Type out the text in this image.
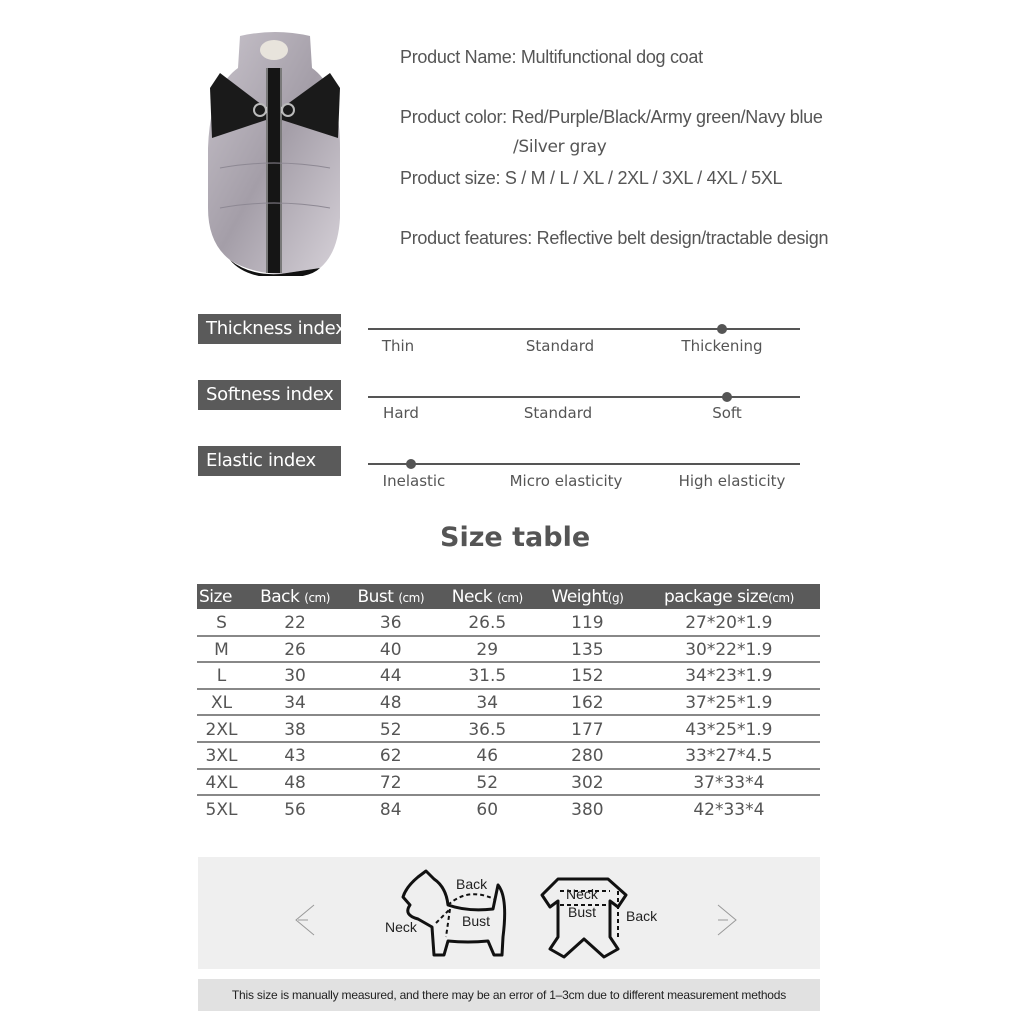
Product Name: Multifunctional dog coat
Product color: Red/Purple/Black/Army green/Navy blue
/Silver gray
Product size: S / M / L / XL / 2XL / 3XL / 4XL / 5XL
Product features: Reflective belt design/tractable design
Thickness index
Thin	Standard	Thickening
Softness index
Hard	Standard	Soft
Elastic index
Inelastic	Micro elasticity	High elasticity
Size table
Size	Back (cm)	Bust (cm)	Neck (cm)	Weight(g)	package size(cm)
S	22	36	26.5	119	27*20*1.9
M	26	40	29	135	30*22*1.9
L	30	44	31.5	152	34*23*1.9
XL	34	48	34	162	37*25*1.9
2XL	38	52	36.5	177	43*25*1.9
3XL	43	62	46	280	33*27*4.5
4XL	48	72	52	302	37*33*4
5XL	56	84	60	380	42*33*4
Back
Neck	Bust
Neck
Bust Back
This size is manually measured, and there may be an error of 1–3cm due to different measurement methods
